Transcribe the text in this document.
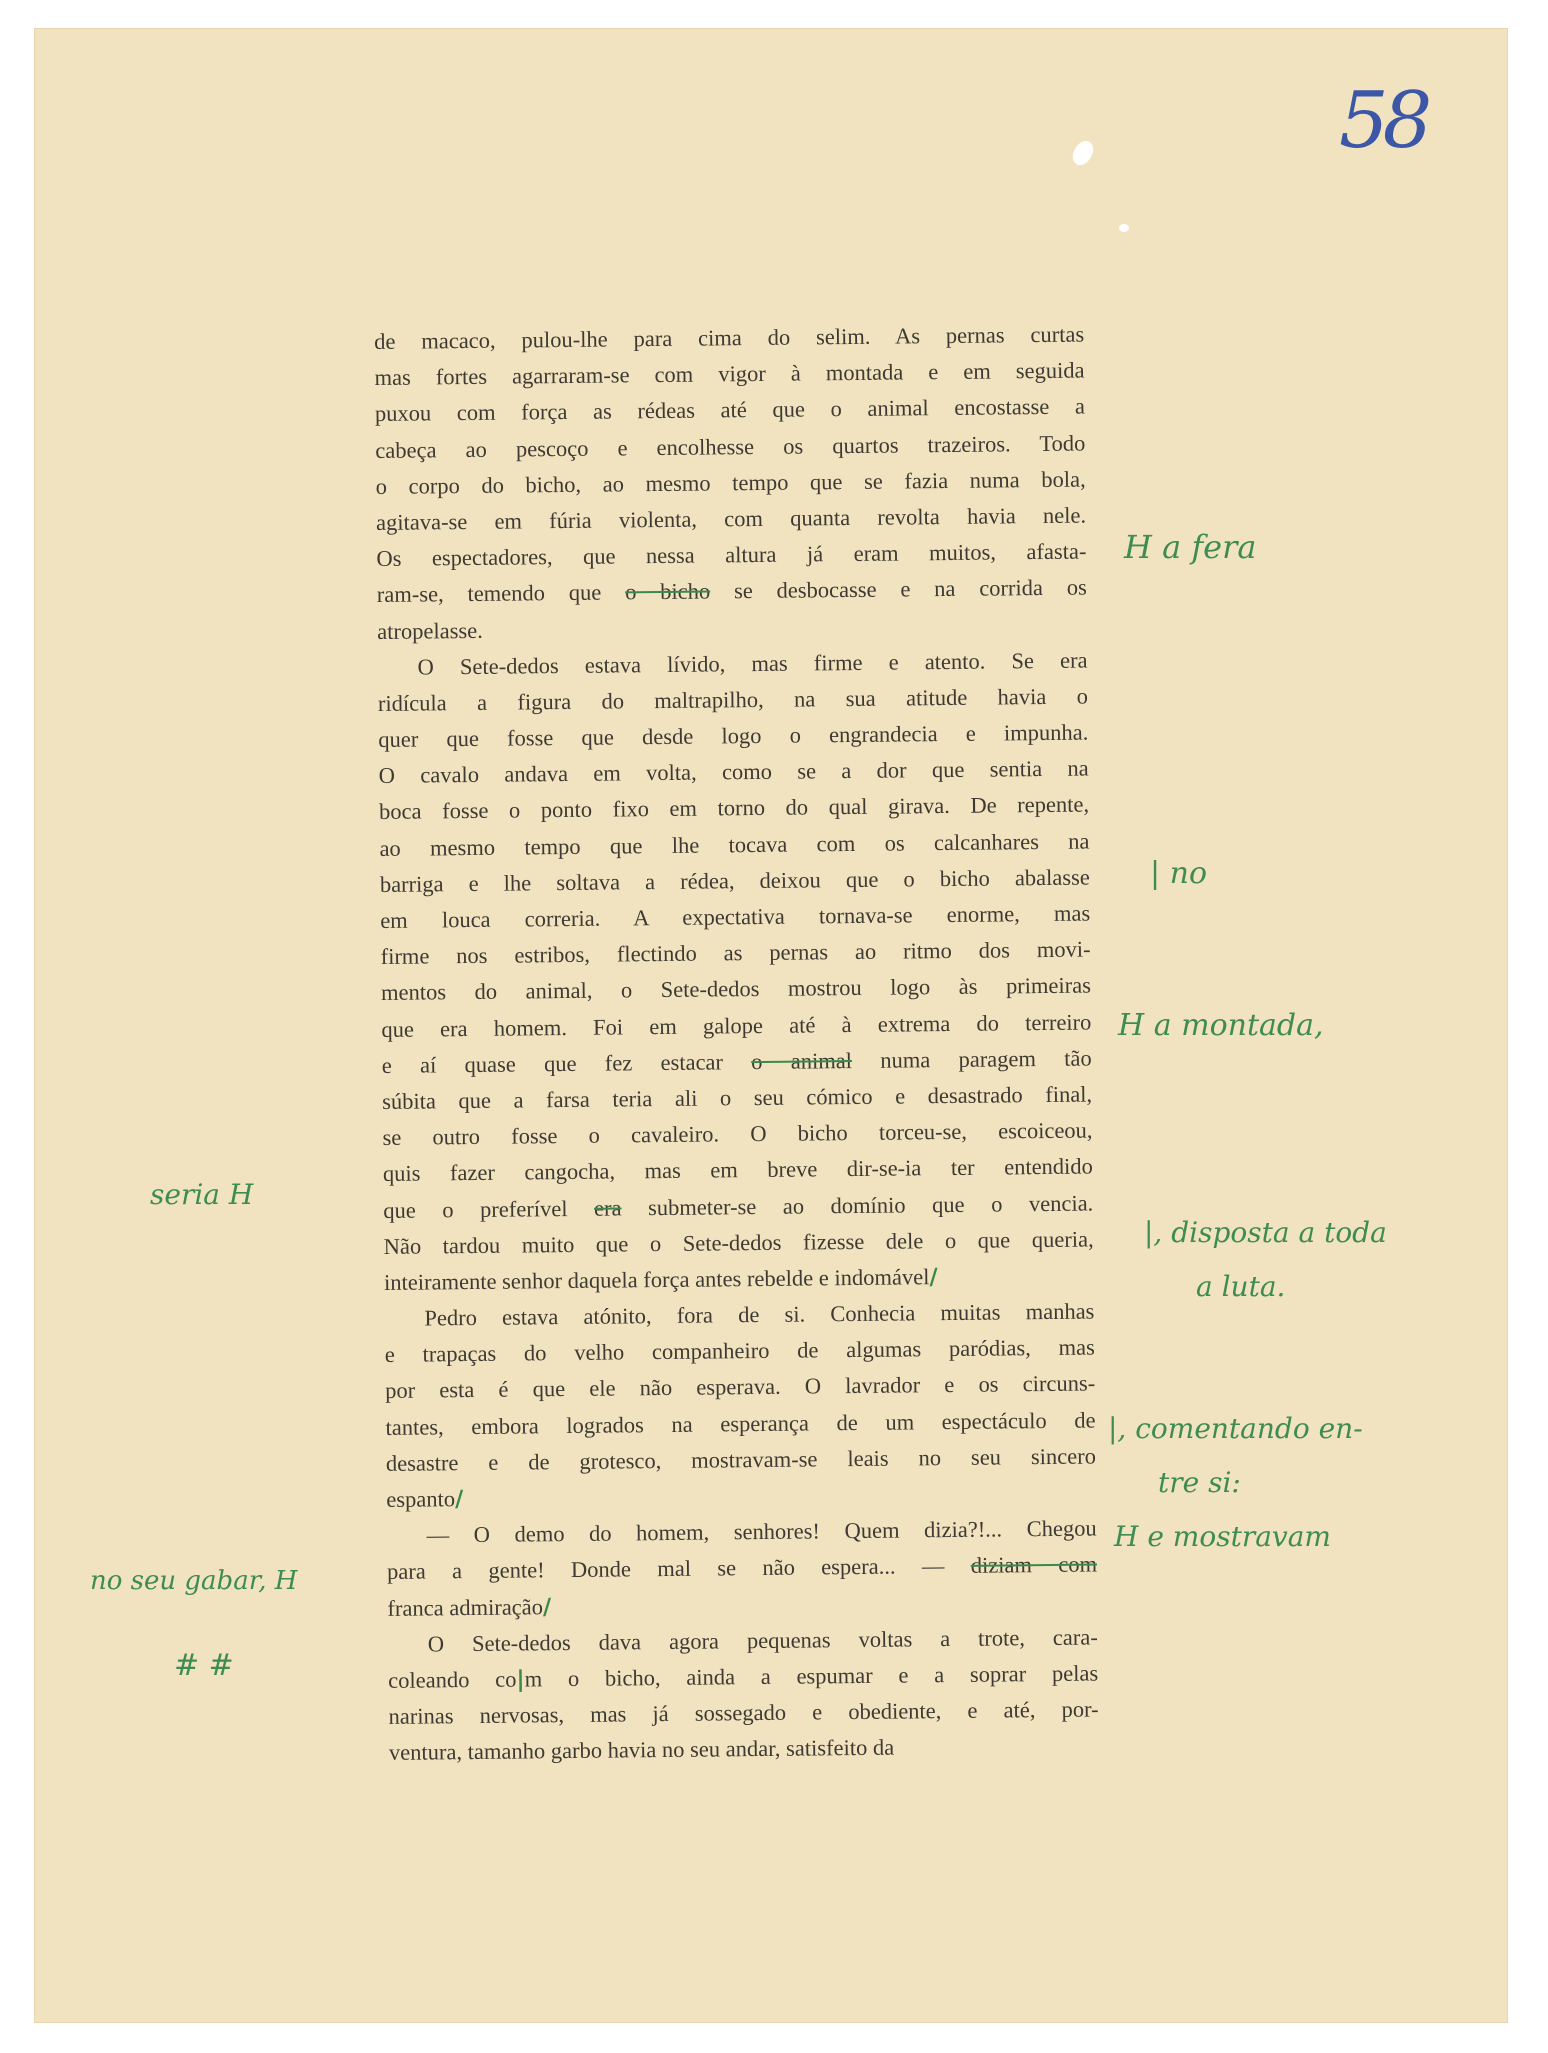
58
de macaco, pulou-lhe para cima do selim. As pernas curtas
mas fortes agarraram-se com vigor à montada e em seguida
puxou com força as rédeas até que o animal encostasse a
cabeça ao pescoço e encolhesse os quartos trazeiros. Todo
o corpo do bicho, ao mesmo tempo que se fazia numa bola,
agitava-se em fúria violenta, com quanta revolta havia nele.
Os espectadores, que nessa altura já eram muitos, afasta-
ram-se, temendo que o bicho se desbocasse e na corrida os
atropelasse.
O Sete-dedos estava lívido, mas firme e atento. Se era
ridícula a figura do maltrapilho, na sua atitude havia o
quer que fosse que desde logo o engrandecia e impunha.
O cavalo andava em volta, como se a dor que sentia na
boca fosse o ponto fixo em torno do qual girava. De repente,
ao mesmo tempo que lhe tocava com os calcanhares na
barriga e lhe soltava a rédea, deixou que o bicho abalasse
em louca correria. A expectativa tornava-se enorme, mas
firme nos estribos, flectindo as pernas ao ritmo dos movi-
mentos do animal, o Sete-dedos mostrou logo às primeiras
que era homem. Foi em galope até à extrema do terreiro
e aí quase que fez estacar o animal numa paragem tão
súbita que a farsa teria ali o seu cómico e desastrado final,
se outro fosse o cavaleiro. O bicho torceu-se, escoiceou,
quis fazer cangocha, mas em breve dir-se-ia ter entendido
que o preferível era submeter-se ao domínio que o vencia.
Não tardou muito que o Sete-dedos fizesse dele o que queria,
inteiramente senhor daquela força antes rebelde e indomável/
Pedro estava atónito, fora de si. Conhecia muitas manhas
e trapaças do velho companheiro de algumas paródias, mas
por esta é que ele não esperava. O lavrador e os circuns-
tantes, embora logrados na esperança de um espectáculo de
desastre e de grotesco, mostravam-se leais no seu sincero
espanto/
— O demo do homem, senhores! Quem dizia?!... Chegou
para a gente! Donde mal se não espera... — diziam com
franca admiração/
O Sete-dedos dava agora pequenas voltas a trote, cara-
coleando co|m o bicho, ainda a espumar e a soprar pelas
narinas nervosas, mas já sossegado e obediente, e até, por-
ventura, tamanho garbo havia no seu andar, satisfeito da
H a fera
| no
H a montada,
|, disposta a toda
a luta.
|, comentando en-
tre si:
H e mostravam
seria H
no seu gabar, H
# #
